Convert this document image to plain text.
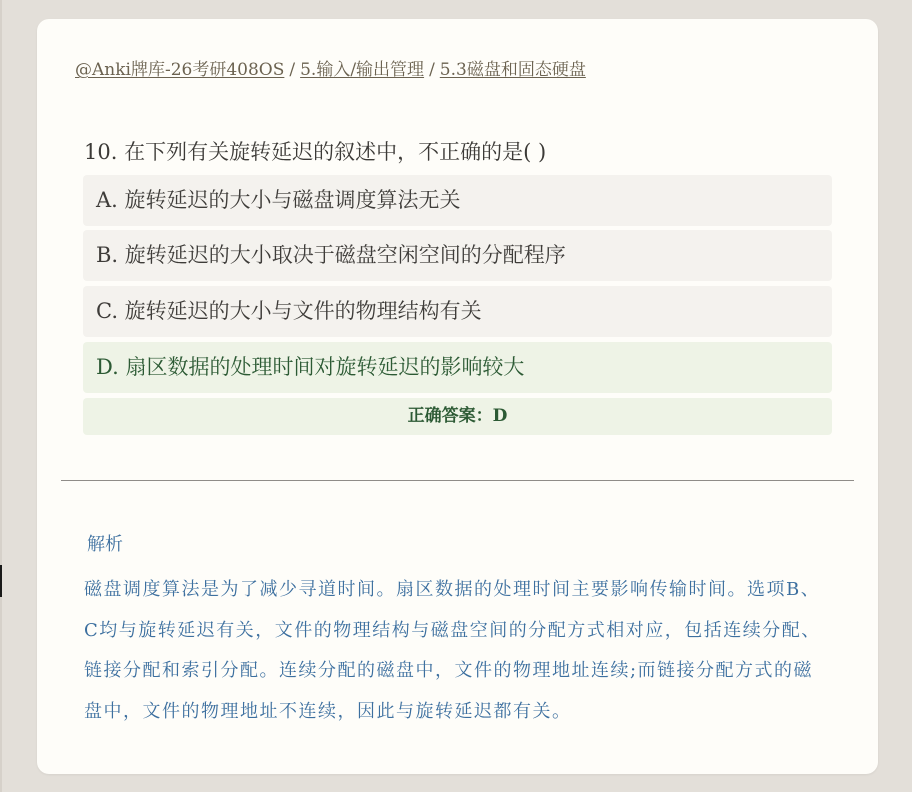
@Anki牌库-26考研408OS / 5.输入/输出管理 / 5.3磁盘和固态硬盘
10. 在下列有关旋转延迟的叙述中，不正确的是( )
A. 旋转延迟的大小与磁盘调度算法无关
B. 旋转延迟的大小取决于磁盘空闲空间的分配程序
C. 旋转延迟的大小与文件的物理结构有关
D. 扇区数据的处理时间对旋转延迟的影响较大
正确答案：D
解析
磁盘调度算法是为了减少寻道时间。扇区数据的处理时间主要影响传输时间。选项B、C均与旋转延迟有关，文件的物理结构与磁盘空间的分配方式相对应，包括连续分配、链接分配和索引分配。连续分配的磁盘中，文件的物理地址连续;而链接分配方式的磁盘中，文件的物理地址不连续，因此与旋转延迟都有关。
